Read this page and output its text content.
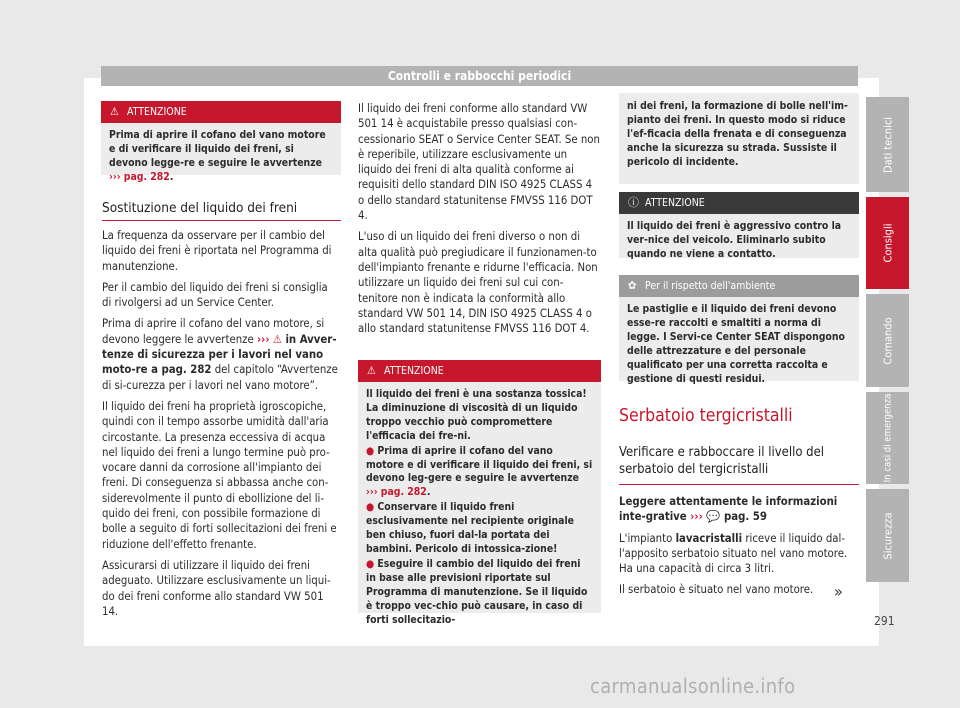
Controlli e rabbocchi periodici
⚠ ATTENZIONE
Prima di aprire il cofano del vano motore e di verificare il liquido dei freni, si devono legge-re e seguire le avvertenze ››› pag. 282.
Sostituzione del liquido dei freni

La frequenza da osservare per il cambio del liquido dei freni è riportata nel Programma di manutenzione.

Per il cambio del liquido dei freni si consiglia di rivolgersi ad un Service Center.

Prima di aprire il cofano del vano motore, si devono leggere le avvertenze ››› ⚠ in Avver-tenze di sicurezza per i lavori nel vano moto-re a pag. 282 del capitolo “Avvertenze di si-curezza per i lavori nel vano motore”.

Il liquido dei freni ha proprietà igroscopiche, quindi con il tempo assorbe umidità dall'aria circostante. La presenza eccessiva di acqua nel liquido dei freni a lungo termine può pro-vocare danni da corrosione all'impianto dei freni. Di conseguenza si abbassa anche con-siderevolmente il punto di ebollizione del li-quido dei freni, con possibile formazione di bolle a seguito di forti sollecitazioni dei freni e riduzione dell'effetto frenante.

Assicurarsi di utilizzare il liquido dei freni adeguato. Utilizzare esclusivamente un liqui-do dei freni conforme allo standard VW 501 14.

Il liquido dei freni conforme allo standard VW 501 14 è acquistabile presso qualsiasi con-cessionario SEAT o Service Center SEAT. Se non è reperibile, utilizzare esclusivamente un liquido dei freni di alta qualità conforme ai requisiti dello standard DIN ISO 4925 CLASS 4 o dello standard statunitense FMVSS 116 DOT 4.

L'uso di un liquido dei freni diverso o non di alta qualità può pregiudicare il funzionamen-to dell'impianto frenante e ridurne l'efficacia. Non utilizzare un liquido dei freni sul cui con-tenitore non è indicata la conformità allo standard VW 501 14, DIN ISO 4925 CLASS 4 o allo standard statunitense FMVSS 116 DOT 4.

⚠ ATTENZIONE

Il liquido dei freni è una sostanza tossica! La diminuzione di viscosità di un liquido troppo vecchio può compromettere l'efficacia dei fre-ni.

● Prima di aprire il cofano del vano motore e di verificare il liquido dei freni, si devono leg-gere e seguire le avvertenze ››› pag. 282.

● Conservare il liquido freni esclusivamente nel recipiente originale ben chiuso, fuori dal-la portata dei bambini. Pericolo di intossica-zione!

● Eseguire il cambio del liquido dei freni in base alle previsioni riportate sul Programma di manutenzione. Se il liquido è troppo vec-chio può causare, in caso di forti sollecitazio-

ni dei freni, la formazione di bolle nell'im-pianto dei freni. In questo modo si riduce l'ef-ficacia della frenata e di conseguenza anche la sicurezza su strada. Sussiste il pericolo di incidente.
ⓘ ATTENZIONE
Il liquido dei freni è aggressivo contro la ver-nice del veicolo. Eliminarlo subito quando ne viene a contatto.
✿ Per il rispetto dell'ambiente
Le pastiglie e il liquido dei freni devono esse-re raccolti e smaltiti a norma di legge. I Servi-ce Center SEAT dispongono delle attrezzature e del personale qualificato per una corretta raccolta e gestione di questi residui.
Serbatoio tergicristalli
Verificare e rabboccare il livello del serbatoio del tergicristalli

Leggere attentamente le informazioni inte-grative ››› 💬 pag. 59

L'impianto lavacristalli riceve il liquido dal-l'apposito serbatoio situato nel vano motore. Ha una capacità di circa 3 litri.

Il serbatoio è situato nel vano motore.	»
Dati tecnici
Consigli
Comando
In casi di emergenza
Sicurezza
291
carmanualsonline.info
